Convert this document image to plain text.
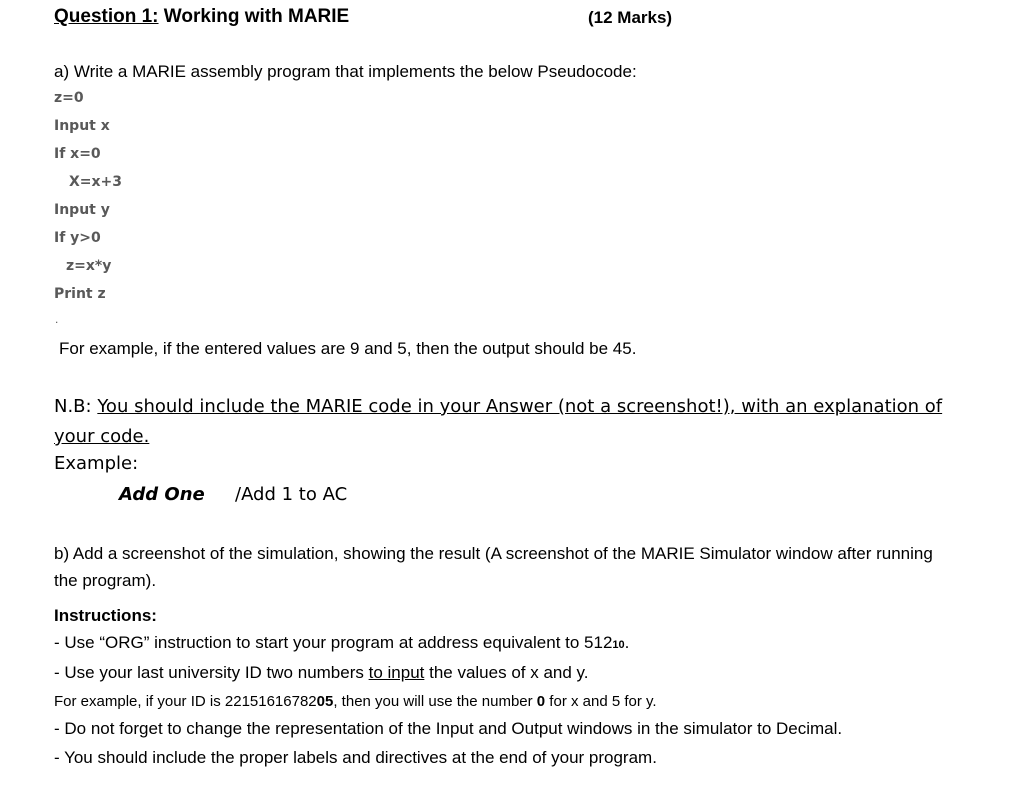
Question 1: Working with MARIE	(12 Marks)
a) Write a MARIE assembly program that implements the below Pseudocode:
z=0
Input x
If x=0
X=x+3
Input y
If y>0
z=x*y
Print z
.
For example, if the entered values are 9 and 5, then the output should be 45.
N.B: You should include the MARIE code in your Answer (not a screenshot!), with an explanation of your code.
Example:
Add One /Add 1 to AC
b) Add a screenshot of the simulation, showing the result (A screenshot of the MARIE Simulator window after running the program).
Instructions:
- Use “ORG” instruction to start your program at address equivalent to 51210.
- Use your last university ID two numbers to input the values of x and y.
For example, if your ID is 2215161678205, then you will use the number 0 for x and 5 for y.
- Do not forget to change the representation of the Input and Output windows in the simulator to Decimal.
- You should include the proper labels and directives at the end of your program.
